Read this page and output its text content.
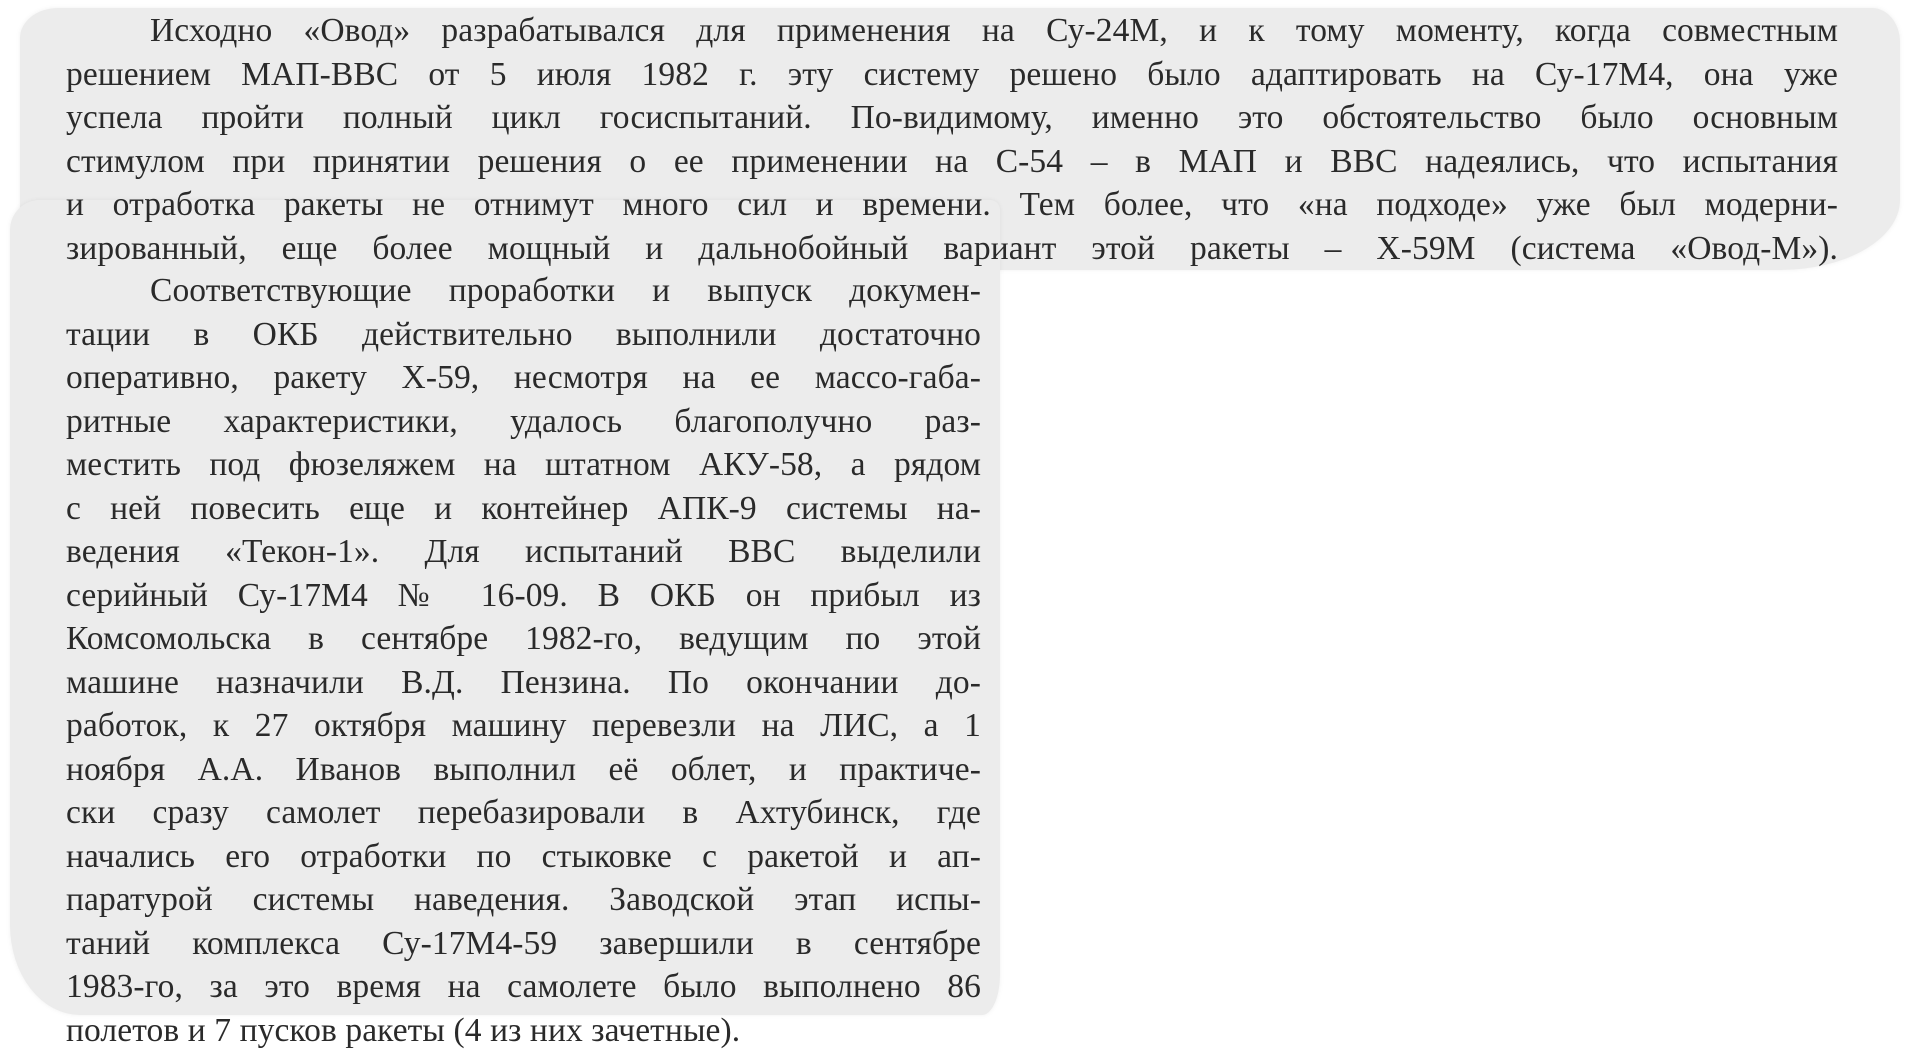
Исходно «Овод» разрабатывался для применения на Су-24М, и к тому моменту, когда совместным
решением МАП-ВВС от 5 июля 1982 г. эту систему решено было адаптировать на Су-17М4, она уже
успела пройти полный цикл госиспытаний. По-видимому, именно это обстоятельство было основным
стимулом при принятии решения о ее применении на С-54 – в МАП и ВВС надеялись, что испытания
и отработка ракеты не отнимут много сил и времени. Тем более, что «на подходе» уже был модерни-
зированный, еще более мощный и дальнобойный вариант этой ракеты – Х-59М (система «Овод-М»).

Соответствующие проработки и выпуск докумен-
тации в ОКБ действительно выполнили достаточно
оперативно, ракету Х-59, несмотря на ее массо-габа-
ритные характеристики, удалось благополучно раз-
местить под фюзеляжем на штатном АКУ-58, а рядом
с ней повесить еще и контейнер АПК-9 системы на-
ведения «Текон-1». Для испытаний ВВС выделили
серийный Су-17М4 № 16-09. В ОКБ он прибыл из
Комсомольска в сентябре 1982-го, ведущим по этой
машине назначили В.Д. Пензина. По окончании до-
работок, к 27 октября машину перевезли на ЛИС, а 1
ноября А.А. Иванов выполнил её облет, и практиче-
ски сразу самолет перебазировали в Ахтубинск, где
начались его отработки по стыковке с ракетой и ап-
паратурой системы наведения. Заводской этап испы-
таний комплекса Су-17М4-59 завершили в сентябре
1983-го, за это время на самолете было выполнено 86
полетов и 7 пусков ракеты (4 из них зачетные).
